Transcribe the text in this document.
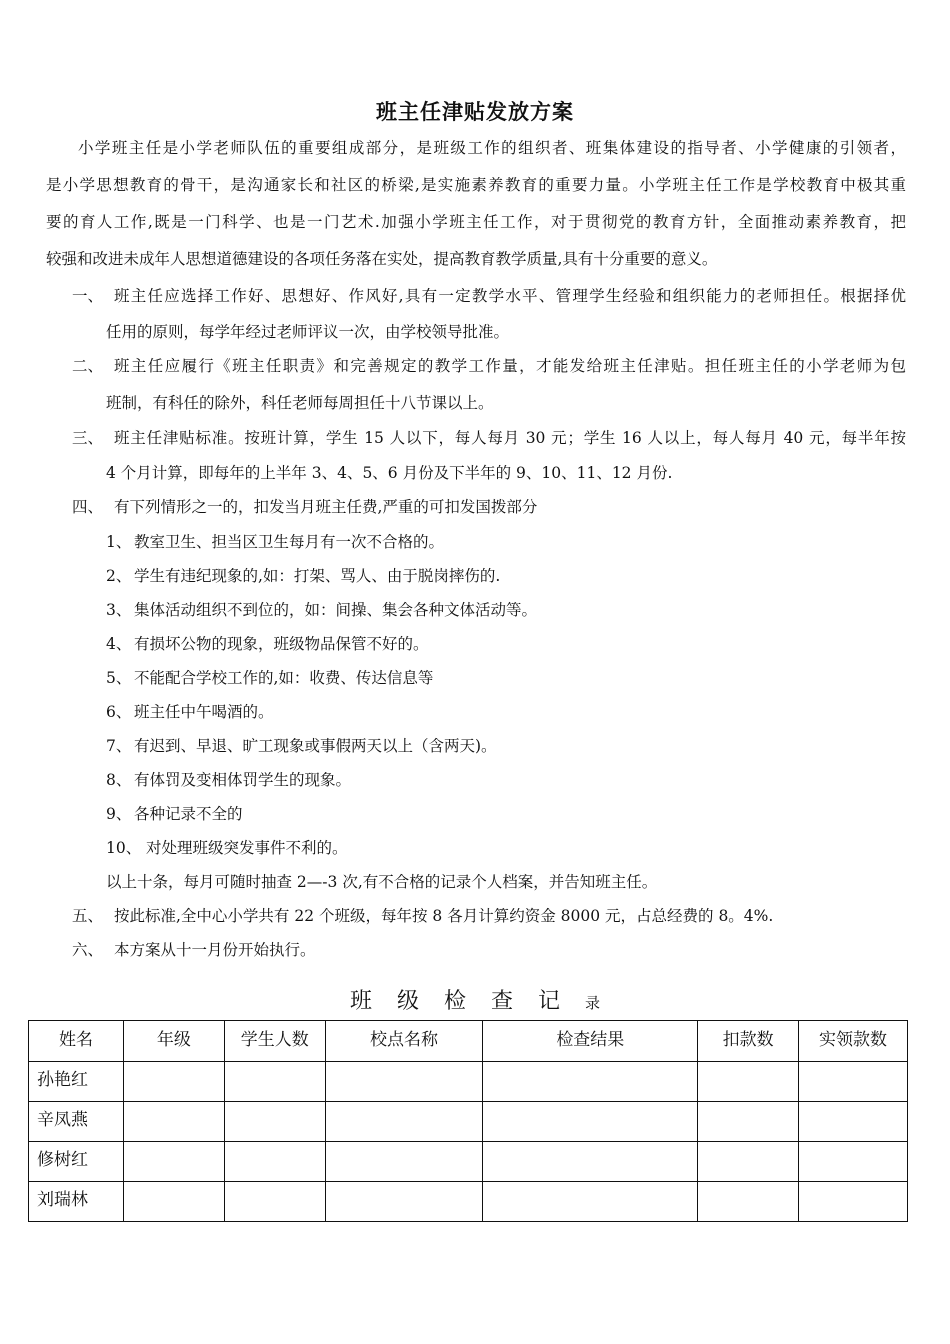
班主任津贴发放方案
小学班主任是小学老师队伍的重要组成部分，是班级工作的组织者、班集体建设的指导者、小学健康的引领者，
是小学思想教育的骨干，是沟通家长和社区的桥梁,是实施素养教育的重要力量。小学班主任工作是学校教育中极其重
要的育人工作,既是一门科学、也是一门艺术.加强小学班主任工作，对于贯彻党的教育方针，全面推动素养教育，把
较强和改进未成年人思想道德建设的各项任务落在实处，提高教育教学质量,具有十分重要的意义。
一、 班主任应选择工作好、思想好、作风好,具有一定教学水平、管理学生经验和组织能力的老师担任。根据择优
任用的原则，每学年经过老师评议一次，由学校领导批准。
二、 班主任应履行《班主任职责》和完善规定的教学工作量，才能发给班主任津贴。担任班主任的小学老师为包
班制，有科任的除外，科任老师每周担任十八节课以上。
三、 班主任津贴标准。按班计算，学生 15 人以下，每人每月 30 元；学生 16 人以上，每人每月 40 元，每半年按
4 个月计算，即每年的上半年 3、4、5、6 月份及下半年的 9、10、11、12 月份.
四、 有下列情形之一的，扣发当月班主任费,严重的可扣发国拨部分
1、 教室卫生、担当区卫生每月有一次不合格的。
2、 学生有违纪现象的,如：打架、骂人、由于脱岗摔伤的.
3、 集体活动组织不到位的，如：间操、集会各种文体活动等。
4、 有损坏公物的现象，班级物品保管不好的。
5、 不能配合学校工作的,如：收费、传达信息等
6、 班主任中午喝酒的。
7、 有迟到、早退、旷工现象或事假两天以上（含两天)。
8、 有体罚及变相体罚学生的现象。
9、 各种记录不全的
10、 对处理班级突发事件不利的。
以上十条，每月可随时抽查 2—-3 次,有不合格的记录个人档案，并告知班主任。
五、 按此标准,全中心小学共有 22 个班级，每年按 8 各月计算约资金 8000 元，占总经费的 8。4%.
六、 本方案从十一月份开始执行。
班 级 检 查 记 录
姓名	年级	学生人数	校点名称	检查结果	扣款数	实领款数
孙艳红						
辛凤燕						
修树红						
刘瑞林						
